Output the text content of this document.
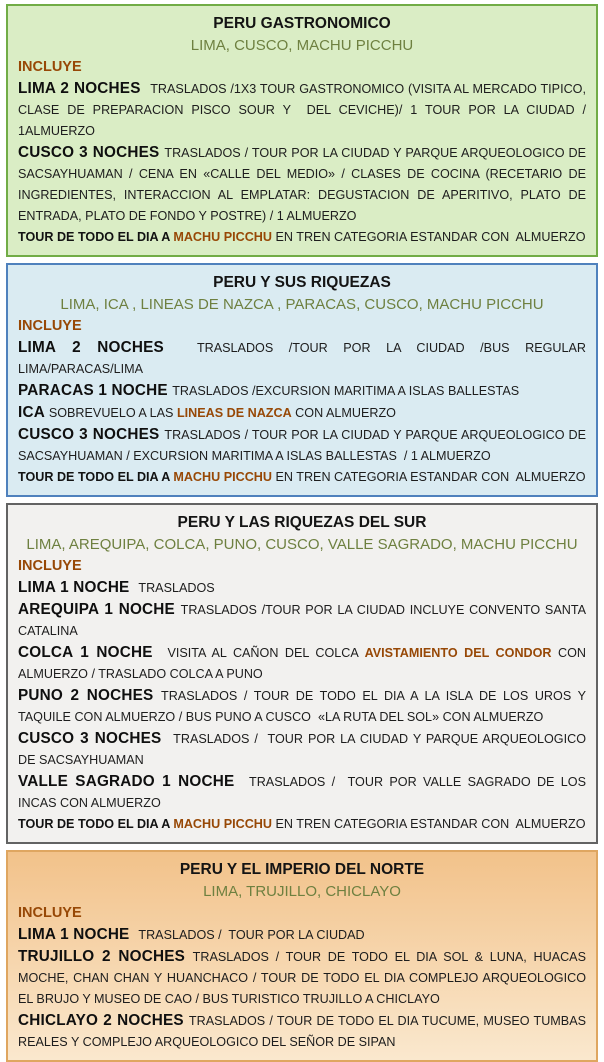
PERU GASTRONOMICO
LIMA, CUSCO, MACHU PICCHU
INCLUYE

LIMA 2 NOCHES  TRASLADOS /1X3 TOUR GASTRONOMICO (VISITA AL MERCADO TIPICO, CLASE DE PREPARACION PISCO SOUR Y  DEL CEVICHE)/ 1 TOUR POR LA CIUDAD / 1ALMUERZO

CUSCO 3 NOCHES TRASLADOS / TOUR POR LA CIUDAD Y PARQUE ARQUEOLOGICO DE SACSAYHUAMAN / CENA EN «CALLE DEL MEDIO» / CLASES DE COCINA (RECETARIO DE INGREDIENTES, INTERACCION AL EMPLATAR: DEGUSTACION DE APERITIVO, PLATO DE ENTRADA, PLATO DE FONDO Y POSTRE) / 1 ALMUERZO

TOUR DE TODO EL DIA A MACHU PICCHU EN TREN CATEGORIA ESTANDAR CON  ALMUERZO

PERU Y SUS RIQUEZAS
LIMA, ICA , LINEAS DE NAZCA , PARACAS, CUSCO, MACHU PICCHU
INCLUYE

LIMA 2 NOCHES  TRASLADOS /TOUR POR LA CIUDAD /BUS REGULAR LIMA/PARACAS/LIMA

PARACAS 1 NOCHE TRASLADOS /EXCURSION MARITIMA A ISLAS BALLESTAS

ICA SOBREVUELO A LAS LINEAS DE NAZCA CON ALMUERZO

CUSCO 3 NOCHES TRASLADOS / TOUR POR LA CIUDAD Y PARQUE ARQUEOLOGICO DE SACSAYHUAMAN / EXCURSION MARITIMA A ISLAS BALLESTAS  / 1 ALMUERZO

TOUR DE TODO EL DIA A MACHU PICCHU EN TREN CATEGORIA ESTANDAR CON  ALMUERZO

PERU Y LAS RIQUEZAS DEL SUR
LIMA, AREQUIPA, COLCA, PUNO, CUSCO, VALLE SAGRADO, MACHU PICCHU
INCLUYE

LIMA 1 NOCHE  TRASLADOS

AREQUIPA 1 NOCHE TRASLADOS /TOUR POR LA CIUDAD INCLUYE CONVENTO SANTA CATALINA

COLCA 1 NOCHE  VISITA AL CAÑON DEL COLCA AVISTAMIENTO DEL CONDOR CON ALMUERZO / TRASLADO COLCA A PUNO

PUNO 2 NOCHES TRASLADOS / TOUR DE TODO EL DIA A LA ISLA DE LOS UROS Y TAQUILE CON ALMUERZO / BUS PUNO A CUSCO  «LA RUTA DEL SOL» CON ALMUERZO

CUSCO 3 NOCHES  TRASLADOS /  TOUR POR LA CIUDAD Y PARQUE ARQUEOLOGICO DE SACSAYHUAMAN

VALLE SAGRADO 1 NOCHE  TRASLADOS /  TOUR POR VALLE SAGRADO DE LOS INCAS CON ALMUERZO

TOUR DE TODO EL DIA A MACHU PICCHU EN TREN CATEGORIA ESTANDAR CON  ALMUERZO

PERU Y EL IMPERIO DEL NORTE
LIMA, TRUJILLO, CHICLAYO
INCLUYE

LIMA 1 NOCHE  TRASLADOS /  TOUR POR LA CIUDAD

TRUJILLO 2 NOCHES TRASLADOS / TOUR DE TODO EL DIA SOL & LUNA, HUACAS MOCHE, CHAN CHAN Y HUANCHACO / TOUR DE TODO EL DIA COMPLEJO ARQUEOLOGICO EL BRUJO Y MUSEO DE CAO / BUS TURISTICO TRUJILLO A CHICLAYO

CHICLAYO 2 NOCHES TRASLADOS / TOUR DE TODO EL DIA TUCUME, MUSEO TUMBAS REALES Y COMPLEJO ARQUEOLOGICO DEL SEÑOR DE SIPAN
